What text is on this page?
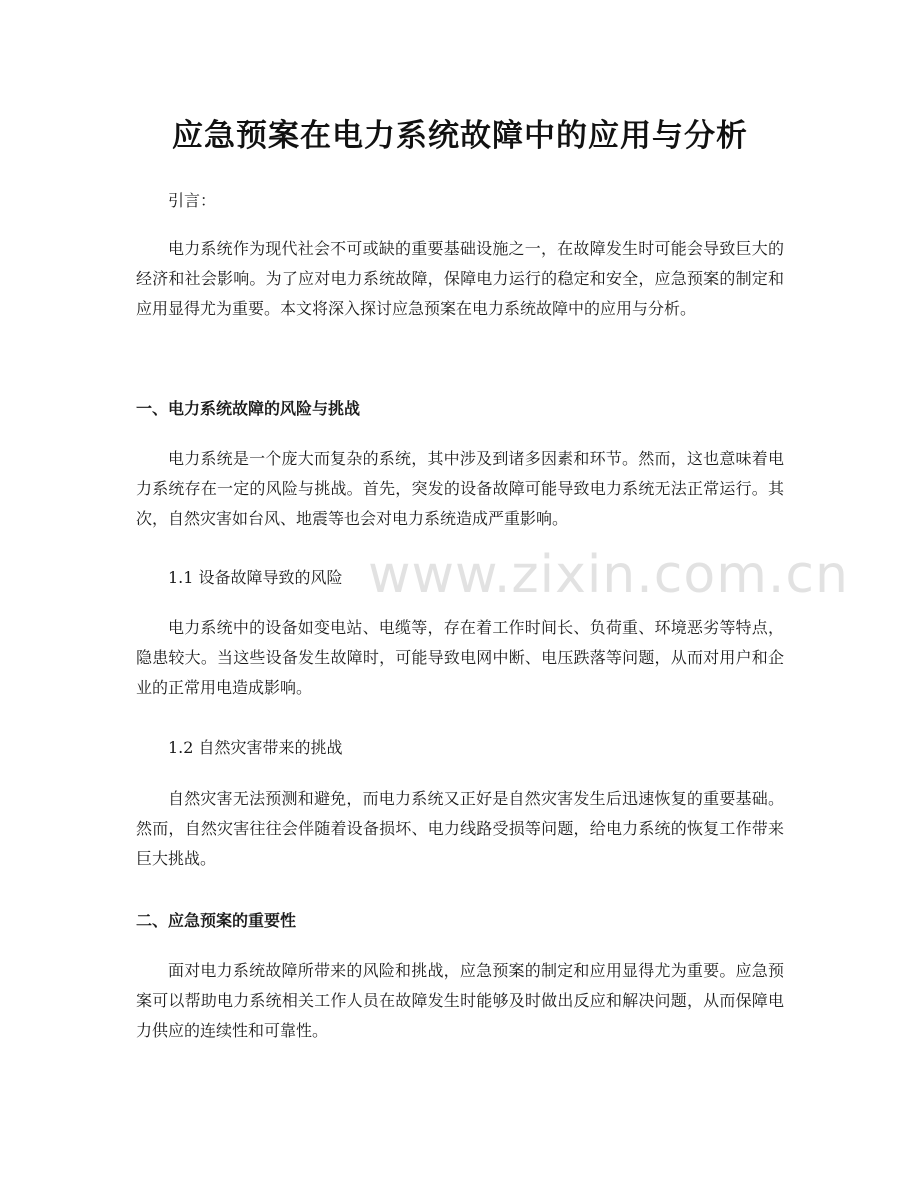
应急预案在电力系统故障中的应用与分析
引言：

电力系统作为现代社会不可或缺的重要基础设施之一，在故障发生时可能会导致巨大的经济和社会影响。为了应对电力系统故障，保障电力运行的稳定和安全，应急预案的制定和应用显得尤为重要。本文将深入探讨应急预案在电力系统故障中的应用与分析。

一、电力系统故障的风险与挑战

电力系统是一个庞大而复杂的系统，其中涉及到诸多因素和环节。然而，这也意味着电力系统存在一定的风险与挑战。首先，突发的设备故障可能导致电力系统无法正常运行。其次，自然灾害如台风、地震等也会对电力系统造成严重影响。

1.1 设备故障导致的风险

电力系统中的设备如变电站、电缆等，存在着工作时间长、负荷重、环境恶劣等特点，隐患较大。当这些设备发生故障时，可能导致电网中断、电压跌落等问题，从而对用户和企业的正常用电造成影响。

1.2 自然灾害带来的挑战

自然灾害无法预测和避免，而电力系统又正好是自然灾害发生后迅速恢复的重要基础。然而，自然灾害往往会伴随着设备损坏、电力线路受损等问题，给电力系统的恢复工作带来巨大挑战。

二、应急预案的重要性

面对电力系统故障所带来的风险和挑战，应急预案的制定和应用显得尤为重要。应急预案可以帮助电力系统相关工作人员在故障发生时能够及时做出反应和解决问题，从而保障电力供应的连续性和可靠性。

www.zixin.com.cn
